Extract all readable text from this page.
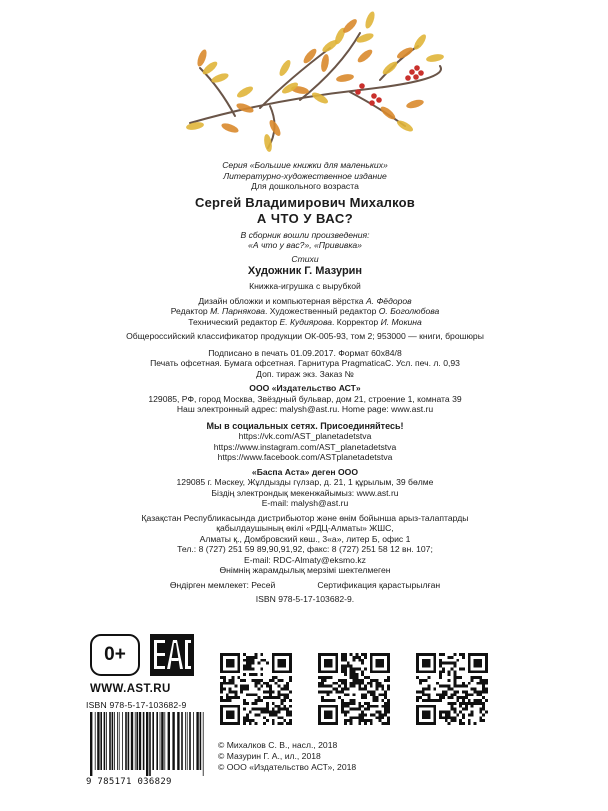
Серия «Большие книжки для маленьких»
Литературно-художественное издание
Для дошкольного возраста
Сергей Владимирович Михалков
А ЧТО У ВАС?
В сборник вошли произведения:
«А что у вас?», «Прививка»
Стихи
Художник Г. Мазурин
Книжка-игрушка с вырубкой
Дизайн обложки и компьютерная вёрстка А. Фёдоров
Редактор М. Парнякова. Художественный редактор О. Боголюбова
Технический редактор Е. Кудиярова. Корректор И. Мокина
Общероссийский классификатор продукции ОК-005-93, том 2; 953000 — книги, брошюры
Подписано в печать 01.09.2017. Формат 60х84/8
Печать офсетная. Бумага офсетная. Гарнитура PragmaticaC. Усл. печ. л. 0,93
Доп. тираж экз. Заказ №
ООО «Издательство АСТ»
129085, РФ, город Москва, Звёздный бульвар, дом 21, строение 1, комната 39
Наш электронный адрес: malysh@ast.ru. Home page: www.ast.ru
Мы в социальных сетях. Присоединяйтесь!
https://vk.com/AST_planetadetstva
https://www.instagram.com/AST_planetadetstva
https://www.facebook.com/ASTplanetadetstva
«Баспа Аста» деген ООО
129085 г. Мәскеу, Жұлдызды гүлзар, д. 21, 1 құрылым, 39 бөлме
Біздің электрондық мекенжайымыз: www.ast.ru
E-mail: malysh@ast.ru
Қазақстан Республикасында дистрибьютор және өнім бойынша арыз-талаптарды
қабылдаушының өкілі «РДЦ-Алматы» ЖШС,
Алматы қ., Домбровский көш., 3«а», литер Б, офис 1
Тел.: 8 (727) 251 59 89,90,91,92, факс: 8 (727) 251 58 12 вн. 107;
E-mail: RDC-Almaty@eksmo.kz
Өнімнің жарамдылық мерзімі шектелмеген
Өндірген мемлекет: Ресей	Сертификация қарастырылған
ISBN 978-5-17-103682-9.
0+
WWW.AST.RU
ISBN 978-5-17-103682-9
9 785171 036829
© Михалков С. В., насл., 2018
© Мазурин Г. А., ил., 2018
© ООО «Издательство АСТ», 2018
